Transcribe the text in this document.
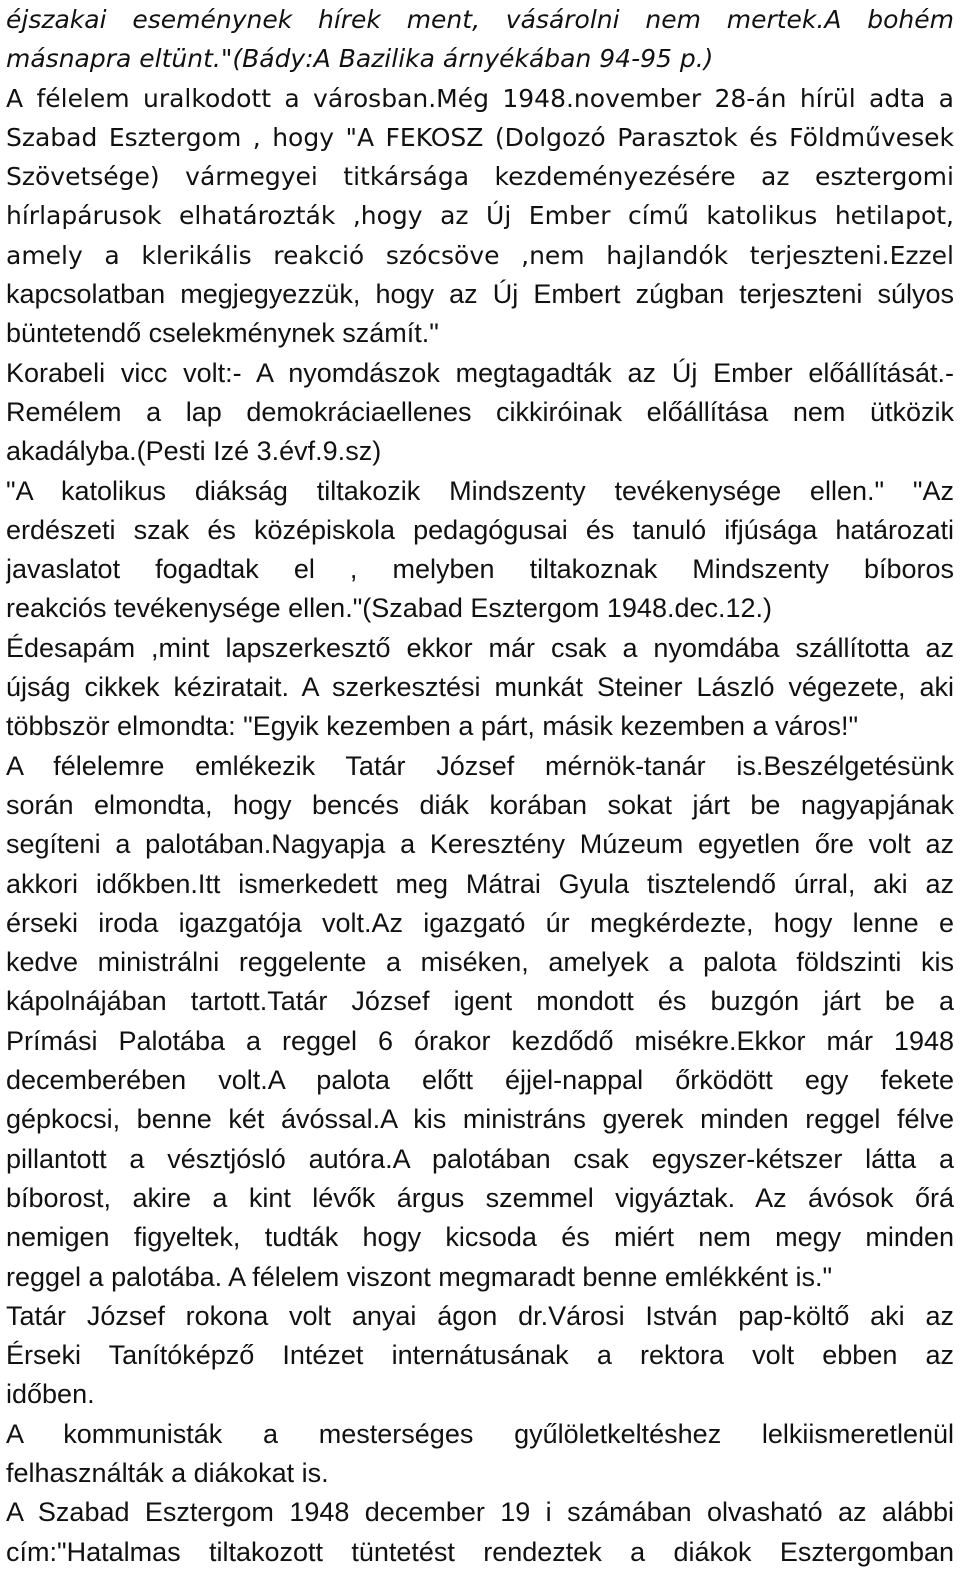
éjszakai eseménynek hírek ment, vásárolni nem mertek.A bohém
másnapra eltünt."(Bády:A Bazilika árnyékában 94-95 p.)
A félelem uralkodott a városban.Még 1948.november 28-án hírül adta a
Szabad Esztergom , hogy "A FEKOSZ (Dolgozó Parasztok és Földművesek
Szövetsége) vármegyei titkársága kezdeményezésére az esztergomi
hírlapárusok elhatározták ,hogy az Új Ember című katolikus hetilapot,
amely a klerikális reakció szócsöve ,nem hajlandók terjeszteni.Ezzel
kapcsolatban megjegyezzük, hogy az Új Embert zúgban terjeszteni súlyos
büntetendő cselekménynek számít."
Korabeli vicc volt:- A nyomdászok megtagadták az Új Ember előállítását.-
Remélem a lap demokráciaellenes cikkiróinak előállítása nem ütközik
akadályba.(Pesti Izé 3.évf.9.sz)
"A katolikus diákság tiltakozik Mindszenty tevékenysége ellen." "Az
erdészeti szak és középiskola pedagógusai és tanuló ifjúsága határozati
javaslatot fogadtak el , melyben tiltakoznak Mindszenty bíboros
reakciós tevékenysége ellen."(Szabad Esztergom 1948.dec.12.)
Édesapám ,mint lapszerkesztő ekkor már csak a nyomdába szállította az
újság cikkek kéziratait. A szerkesztési munkát Steiner László végezete, aki
többször elmondta: "Egyik kezemben a párt, másik kezemben a város!"
A félelemre emlékezik Tatár József mérnök-tanár is.Beszélgetésünk
során elmondta, hogy bencés diák korában sokat járt be nagyapjának
segíteni a palotában.Nagyapja a Keresztény Múzeum egyetlen őre volt az
akkori időkben.Itt ismerkedett meg Mátrai Gyula tisztelendő úrral, aki az
érseki iroda igazgatója volt.Az igazgató úr megkérdezte, hogy lenne e
kedve ministrálni reggelente a miséken, amelyek a palota földszinti kis
kápolnájában tartott.Tatár József igent mondott és buzgón járt be a
Prímási Palotába a reggel 6 órakor kezdődő misékre.Ekkor már 1948
decemberében volt.A palota előtt éjjel-nappal őrködött egy fekete
gépkocsi, benne két ávóssal.A kis ministráns gyerek minden reggel félve
pillantott a vésztjósló autóra.A palotában csak egyszer-kétszer látta a
bíborost, akire a kint lévők árgus szemmel vigyáztak. Az ávósok őrá
nemigen figyeltek, tudták hogy kicsoda és miért nem megy minden
reggel a palotába. A félelem viszont megmaradt benne emlékként is."
Tatár József rokona volt anyai ágon dr.Városi István pap-költő aki az
Érseki Tanítóképző Intézet internátusának a rektora volt ebben az
időben.
A kommunisták a mesterséges gyűlöletkeltéshez lelkiismeretlenül
felhasználták a diákokat is.
A Szabad Esztergom 1948 december 19 i számában olvasható az alábbi
cím:"Hatalmas tiltakozott tüntetést rendeztek a diákok Esztergomban
